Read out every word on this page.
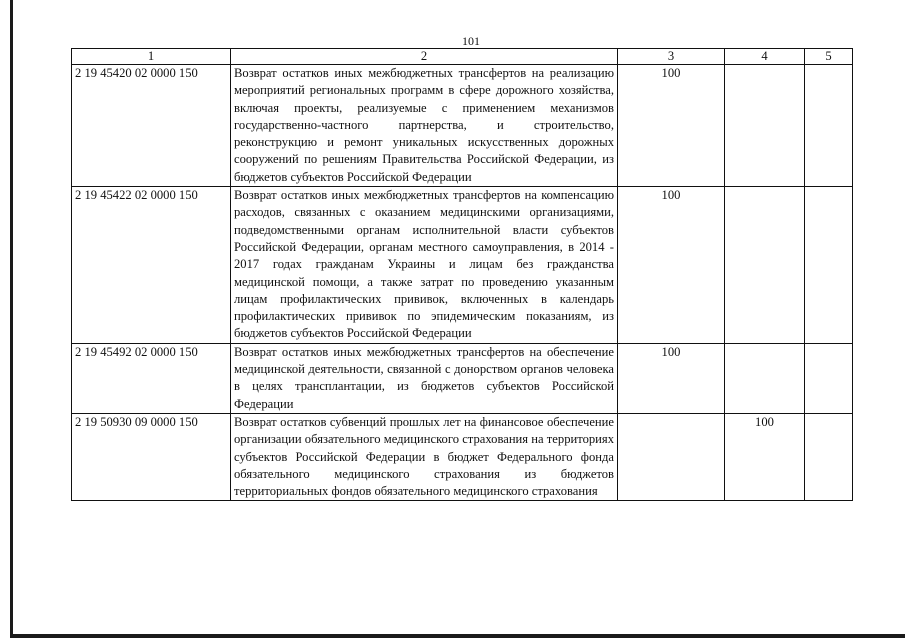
101
1	2	3	4	5
2 19 45420 02 0000 150	Возврат остатков иных межбюджетных трансфертов на реализацию мероприятий региональных программ в сфере дорожного хозяйства, включая проекты, реализуемые с применением механизмов государственно-частного партнерства, и строительство, реконструкцию и ремонт уникальных искусственных дорожных сооружений по решениям Правительства Российской Федерации, из бюджетов субъектов Российской Федерации	100		
2 19 45422 02 0000 150	Возврат остатков иных межбюджетных трансфертов на компенсацию расходов, связанных с оказанием медицинскими организациями, подведомственными органам исполнительной власти субъектов Российской Федерации, органам местного самоуправления, в 2014 - 2017 годах гражданам Украины и лицам без гражданства медицинской помощи, а также затрат по проведению указанным лицам профилактических прививок, включенных в календарь профилактических прививок по эпидемическим показаниям, из бюджетов субъектов Российской Федерации	100		
2 19 45492 02 0000 150	Возврат остатков иных межбюджетных трансфертов на обеспечение медицинской деятельности, связанной с донорством органов человека в целях трансплантации, из бюджетов субъектов Российской Федерации	100		
2 19 50930 09 0000 150	Возврат остатков субвенций прошлых лет на финансовое обеспечение организации обязательного медицинского страхования на территориях субъектов Российской Федерации в бюджет Федерального фонда обязательного медицинского страхования из бюджетов территориальных фондов обязательного медицинского страхования		100	
